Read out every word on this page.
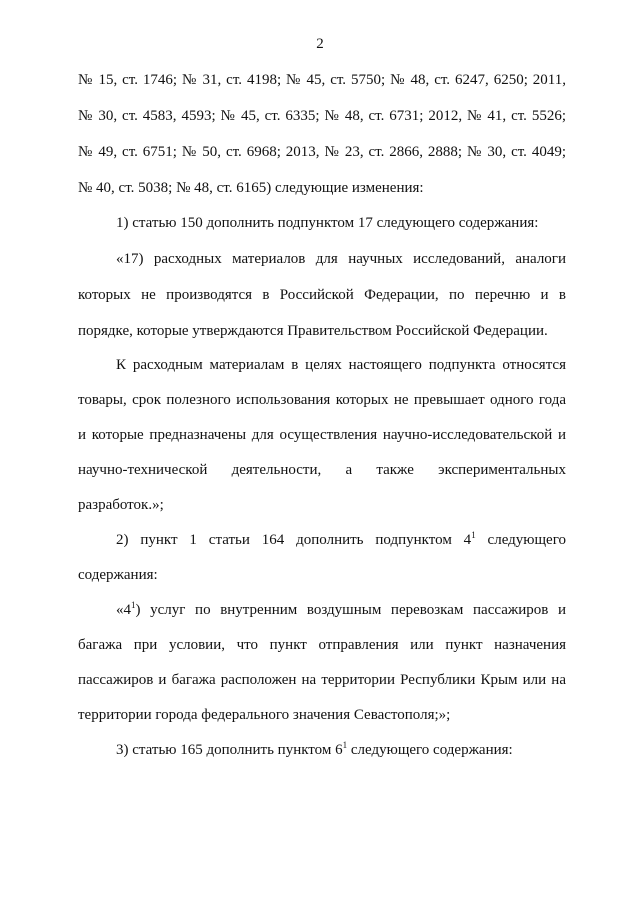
2
№ 15, ст. 1746; № 31, ст. 4198; № 45, ст. 5750; № 48, ст. 6247, 6250; 2011,
№ 30, ст. 4583, 4593; № 45, ст. 6335; № 48, ст. 6731; 2012, № 41, ст. 5526;
№ 49, ст. 6751; № 50, ст. 6968; 2013, № 23, ст. 2866, 2888; № 30, ст. 4049;
№ 40, ст. 5038; № 48, ст. 6165) следующие изменения:
1) статью 150 дополнить подпунктом 17 следующего содержания:
«17) расходных материалов для научных исследований, аналоги
которых не производятся в Российской Федерации, по перечню и в
порядке, которые утверждаются Правительством Российской Федерации.
К расходным материалам в целях настоящего подпункта относятся
товары, срок полезного использования которых не превышает одного года
и которые предназначены для осуществления научно-исследовательской и
научно-технической деятельности, а также экспериментальных
разработок.»;
2) пункт 1 статьи 164 дополнить подпунктом $4^1$ следующего
содержания:
«$4^1$) услуг по внутренним воздушным перевозкам пассажиров и
багажа при условии, что пункт отправления или пункт назначения
пассажиров и багажа расположен на территории Республики Крым или на
территории города федерального значения Севастополя;»;
3) статью 165 дополнить пунктом $6^1$ следующего содержания:
